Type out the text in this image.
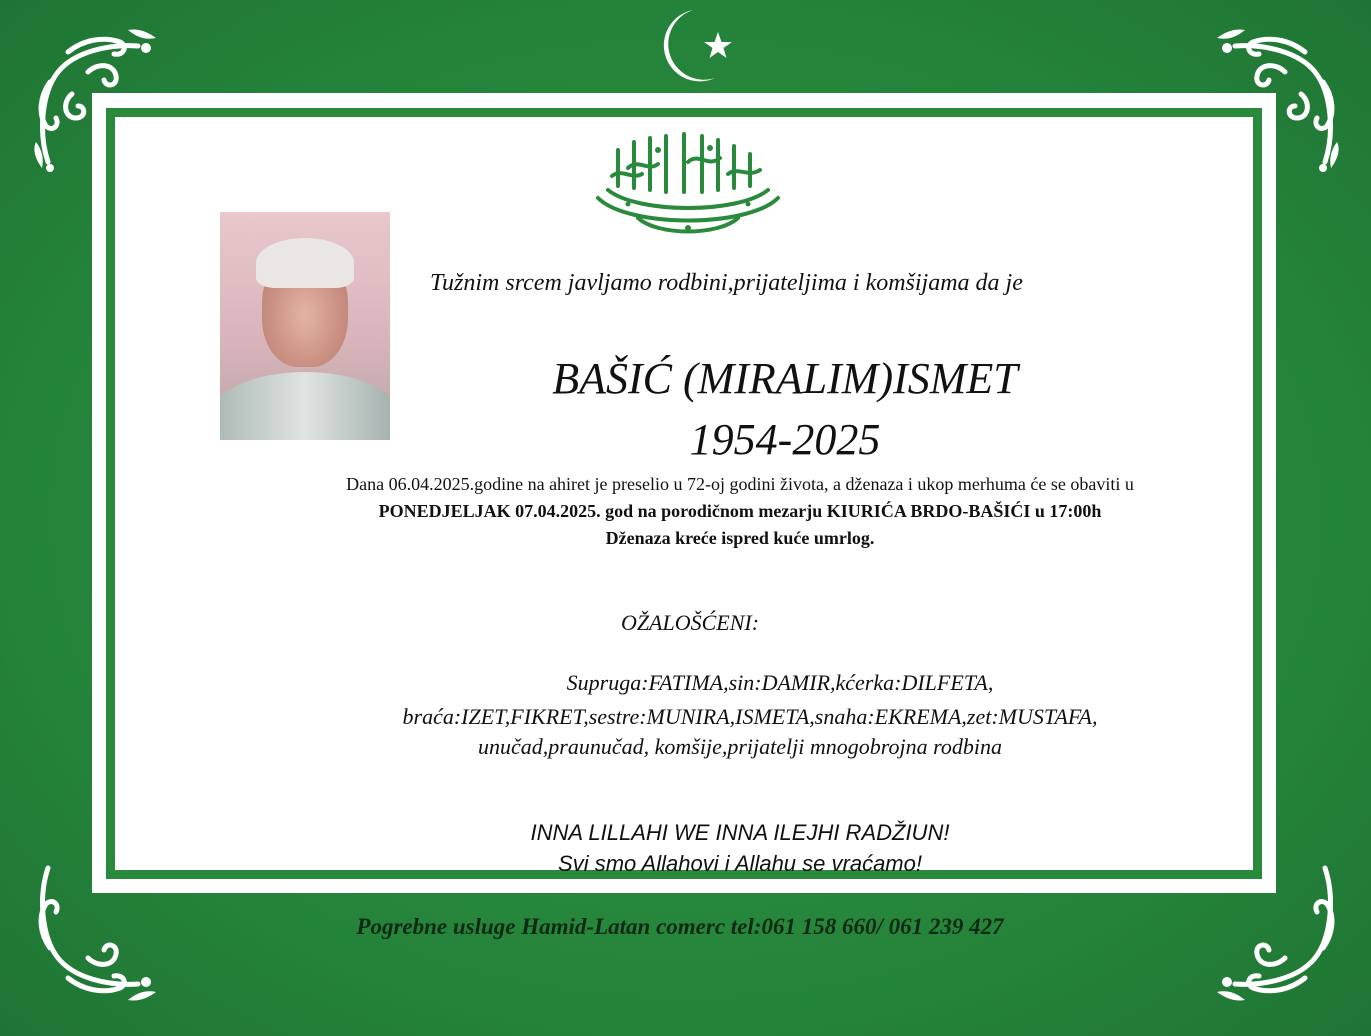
Tužnim srcem javljamo rodbini,prijateljima i komšijama da je

BAŠIĆ (MIRALIM)ISMET

1954-2025

Dana 06.04.2025.godine na ahiret je preselio u 72-oj godini života, a dženaza i ukop merhuma će se obaviti u

PONEDJELJAK 07.04.2025. god na porodičnom mezarju KIURIĆA BRDO-BAŠIĆI u 17:00h

Dženaza kreće ispred kuće umrlog.

OŽALOŠĆENI:

Supruga:FATIMA,sin:DAMIR,kćerka:DILFETA,

braća:IZET,FIKRET,sestre:MUNIRA,ISMETA,snaha:EKREMA,zet:MUSTAFA,

unučad,praunučad, komšije,prijatelji mnogobrojna rodbina

INNA LILLAHI WE INNA ILEJHI RADŽIUN!

Svi smo Allahovi i Allahu se vraćamo!

Pogrebne usluge Hamid-Latan comerc tel:061 158 660/ 061 239 427
